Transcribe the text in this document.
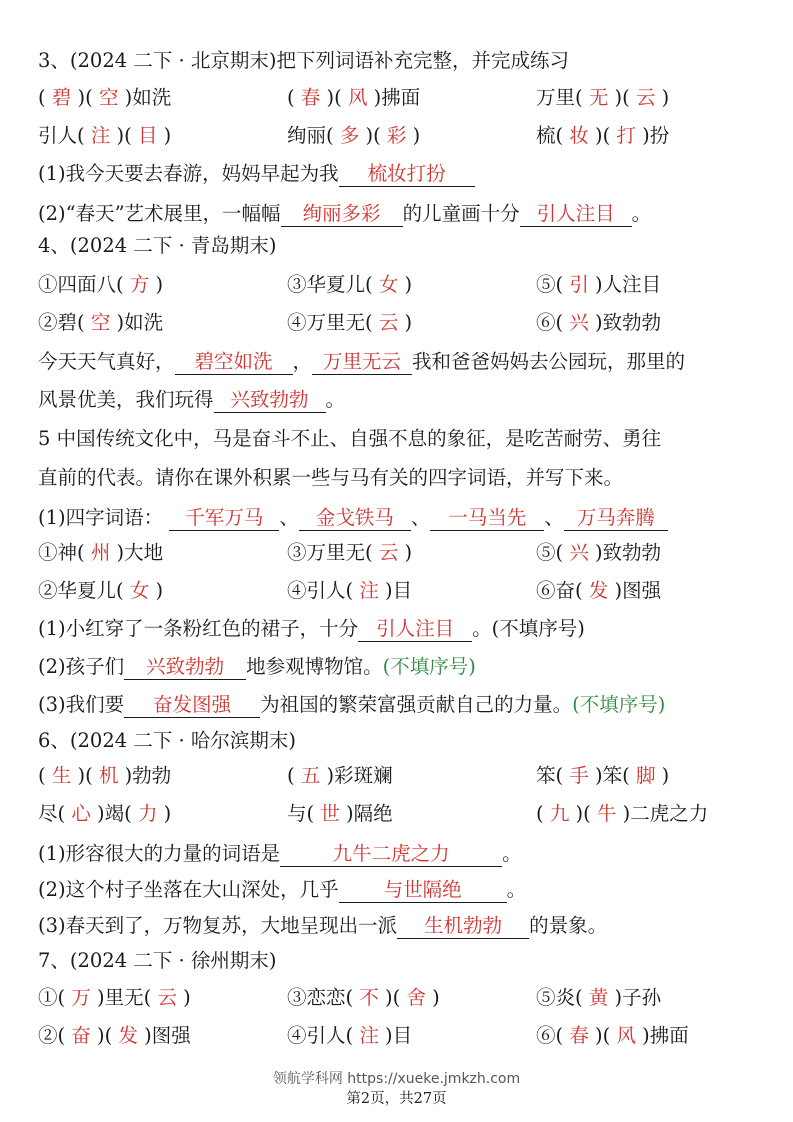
3、(2024 二下 · 北京期末)把下列词语补充完整，并完成练习
( 碧 )( 空 )如洗	( 春 )( 风 )拂面	万里( 无 )( 云 )
引人( 注 )( 目 )	绚丽( 多 )( 彩 )	梳( 妆 )( 打 )扮
(1)我今天要去春游，妈妈早起为我 梳妆打扮
(2)“春天”艺术展里，一幅幅 绚丽多彩 的儿童画十分 引人注目 。
4、(2024 二下 · 青岛期末)
①四面八( 方 )	③华夏儿( 女 )	⑤( 引 )人注目
②碧( 空 )如洗	④万里无( 云 )	⑥( 兴 )致勃勃
今天天气真好， 碧空如洗 ， 万里无云 我和爸爸妈妈去公园玩，那里的
风景优美，我们玩得 兴致勃勃 。
5 中国传统文化中，马是奋斗不止、自强不息的象征，是吃苦耐劳、勇往
直前的代表。请你在课外积累一些与马有关的四字词语，并写下来。
(1)四字词语： 千军万马 、 金戈铁马 、 一马当先 、 万马奔腾
①神( 州 )大地	③万里无( 云 )	⑤( 兴 )致勃勃
②华夏儿( 女 )	④引人( 注 )目	⑥奋( 发 )图强
(1)小红穿了一条粉红色的裙子，十分 引人注目 。(不填序号)
(2)孩子们 兴致勃勃 地参观博物馆。(不填序号)
(3)我们要 奋发图强 为祖国的繁荣富强贡献自己的力量。(不填序号)
6、(2024 二下 · 哈尔滨期末)
( 生 )( 机 )勃勃	( 五 )彩斑斓	笨( 手 )笨( 脚 )
尽( 心 )竭( 力 )	与( 世 )隔绝	( 九 )( 牛 )二虎之力
(1)形容很大的力量的词语是	九牛二虎之力	。
(2)这个村子坐落在大山深处，几乎 与世隔绝 。
(3)春天到了，万物复苏，大地呈现出一派 生机勃勃 的景象。
7、(2024 二下 · 徐州期末)
①( 万 )里无( 云 )	③恋恋( 不 )( 舍 )	⑤炎( 黄 )子孙
②( 奋 )( 发 )图强	④引人( 注 )目	⑥( 春 )( 风 )拂面
领航学科网 https://xueke.jmkzh.com
第2页，共27页
